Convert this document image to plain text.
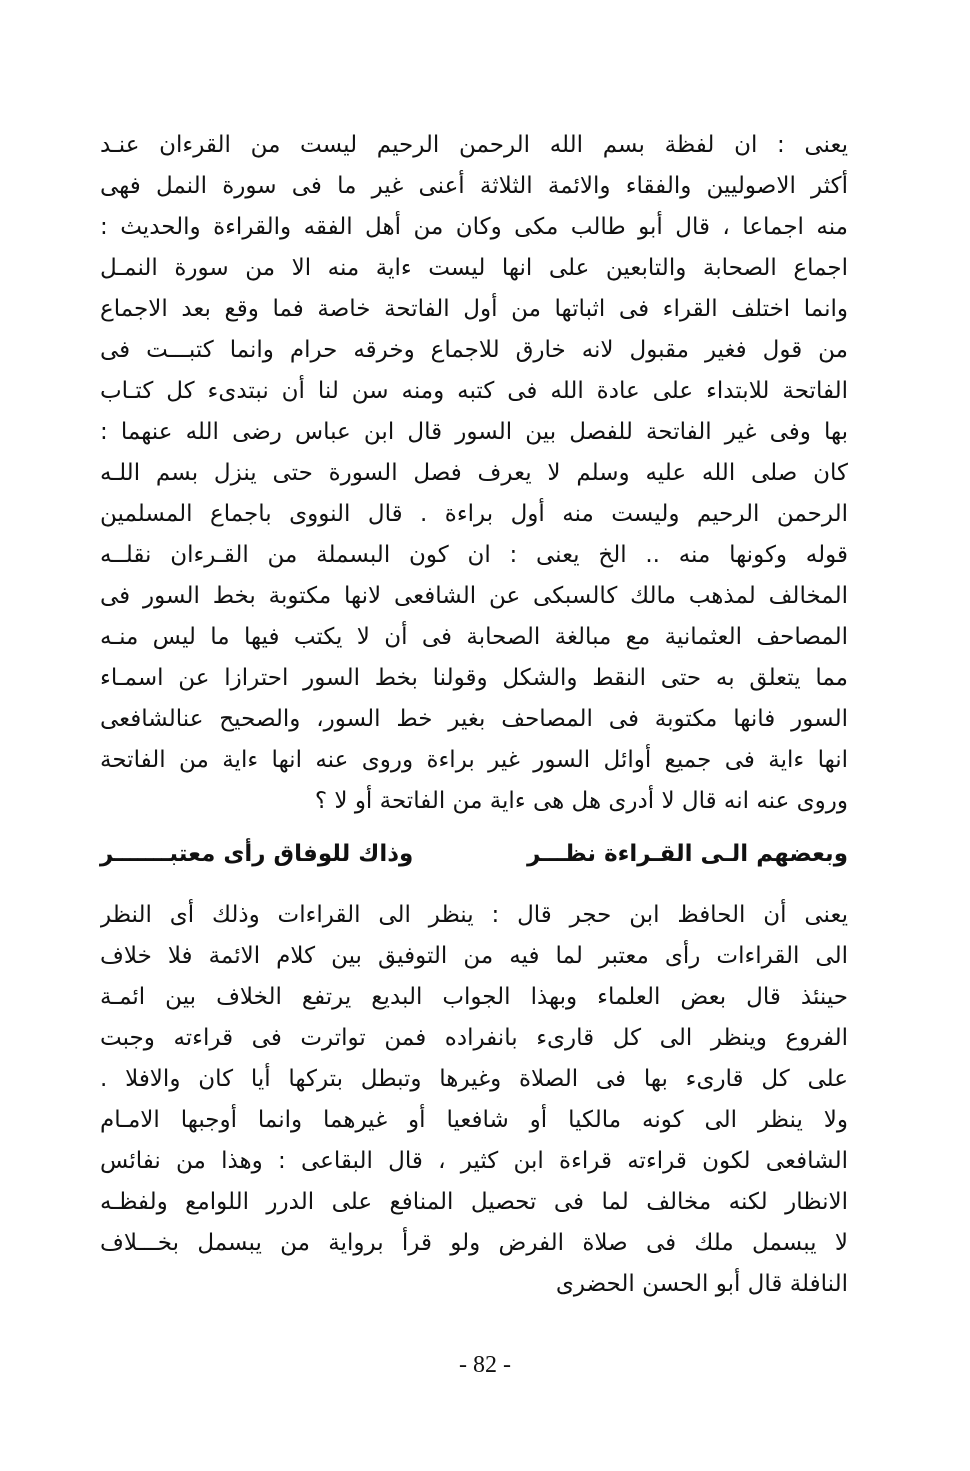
يعنى : ان لفظة بسم الله الرحمن الرحيم ليست من القرءان عنـد
أكثر الاصوليين والفقاء والائمة الثلاثة أعنى غير ما فى سورة النمل فهى
منه اجماعا ، قال أبو طالب مكى وكان من أهل الفقه والقراءة والحديث :
اجماع الصحابة والتابعين على انها ليست ءاية منه الا من سورة النمـل
وانما اختلف القراء فى اثباتها من أول الفاتحة خاصة فما وقع بعد الاجماع
من قول فغير مقبول لانه خارق للاجماع وخرقه حرام وانما كتبـــت فى
الفاتحة للابتداء على عادة الله فى كتبه ومنه سن لنا أن نبتدىء كل كتـاب
بها وفى غير الفاتحة للفصل بين السور قال ابن عباس رضى الله عنهما :
كان صلى الله عليه وسلم لا يعرف فصل السورة حتى ينزل بسم اللـه
الرحمن الرحيم وليست منه أول براءة . قال النووى باجماع المسلمين
قوله وكونها منه .. الخ يعنى : ان كون البسملة من القـرءان نقلــه
المخالف لمذهب مالك كالسبكى عن الشافعى لانها مكتوبة بخط السور فى
المصاحف العثمانية مع مبالغة الصحابة فى أن لا يكتب فيها ما ليس منـه
مما يتعلق به حتى النقط والشكل وقولنا بخط السور احترازا عن اسمـاء
السور فانها مكتوبة فى المصاحف بغير خط السور، والصحيح عنالشافعى
انها ءاية فى جميع أوائل السور غير براءة وروى عنه انها ءاية من الفاتحة
وروى عنه انه قال لا أدرى هل هى ءاية من الفاتحة أو لا ؟
وبعضهم الـى القـراءة نظـــر
وذاك للوفاق رأى معتبـــــــر
يعنى أن الحافظ ابن حجر قال : ينظر الى القراءات وذلك أى النظر
الى القراءات رأى معتبر لما فيه من التوفيق بين كلام الائمة فلا خلاف
حينئذ قال بعض العلماء وبهذا الجواب البديع يرتفع الخلاف بين ائمـة
الفروع وينظر الى كل قارىء بانفراده فمن تواترت فى قراءته وجبت
على كل قارىء بها فى الصلاة وغيرها وتبطل بتركها أيا كان والافلا .
ولا ينظر الى كونه مالكيا أو شافعيا أو غيرهما وانما أوجبها الامـام
الشافعى لكون قراءته قراءة ابن كثير ، قال البقاعى : وهذا من نفائس
الانظار لكنه مخالف لما فى تحصيل المنافع على الدرر اللوامع ولفظـه
لا يبسمل ملك فى صلاة الفرض ولو قرأ برواية من يبسمل بخـــلاف
النافلة قال أبو الحسن الحضرى
- 82 -
